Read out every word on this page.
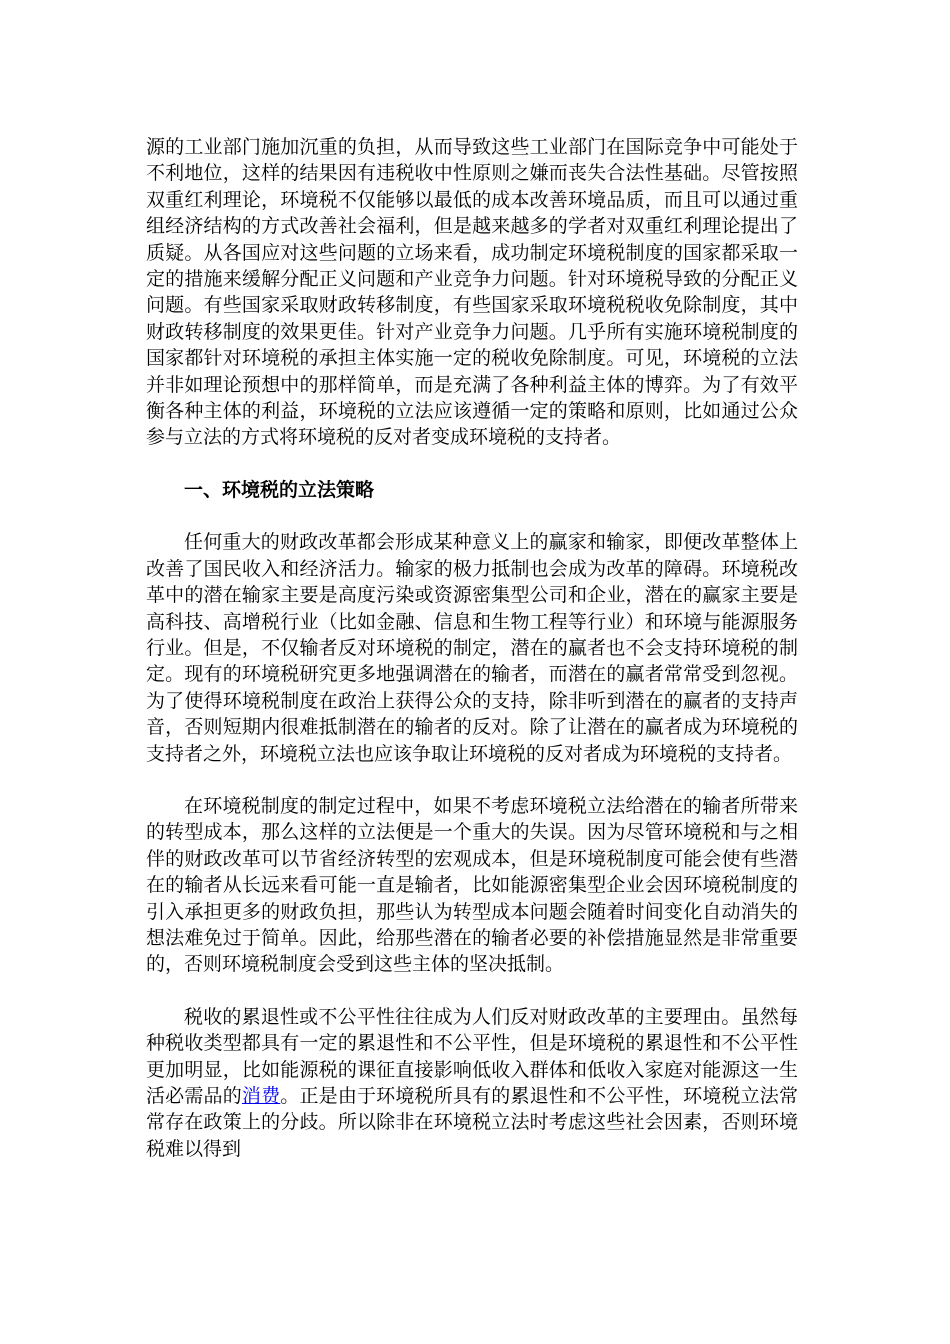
源的工业部门施加沉重的负担，从而导致这些工业部门在国际竞争中可能处于不利地位，这样的结果因有违税收中性原则之嫌而丧失合法性基础。尽管按照双重红利理论，环境税不仅能够以最低的成本改善环境品质，而且可以通过重组经济结构的方式改善社会福利，但是越来越多的学者对双重红利理论提出了质疑。从各国应对这些问题的立场来看，成功制定环境税制度的国家都采取一定的措施来缓解分配正义问题和产业竞争力问题。针对环境税导致的分配正义问题。有些国家采取财政转移制度，有些国家采取环境税税收免除制度，其中财政转移制度的效果更佳。针对产业竞争力问题。几乎所有实施环境税制度的国家都针对环境税的承担主体实施一定的税收免除制度。可见，环境税的立法并非如理论预想中的那样简单，而是充满了各种利益主体的博弈。为了有效平衡各种主体的利益，环境税的立法应该遵循一定的策略和原则，比如通过公众参与立法的方式将环境税的反对者变成环境税的支持者。

一、环境税的立法策略

任何重大的财政改革都会形成某种意义上的赢家和输家，即便改革整体上改善了国民收入和经济活力。输家的极力抵制也会成为改革的障碍。环境税改革中的潜在输家主要是高度污染或资源密集型公司和企业，潜在的赢家主要是高科技、高增税行业（比如金融、信息和生物工程等行业）和环境与能源服务行业。但是，不仅输者反对环境税的制定，潜在的赢者也不会支持环境税的制定。现有的环境税研究更多地强调潜在的输者，而潜在的赢者常常受到忽视。为了使得环境税制度在政治上获得公众的支持，除非听到潜在的赢者的支持声音，否则短期内很难抵制潜在的输者的反对。除了让潜在的赢者成为环境税的支持者之外，环境税立法也应该争取让环境税的反对者成为环境税的支持者。

在环境税制度的制定过程中，如果不考虑环境税立法给潜在的输者所带来的转型成本，那么这样的立法便是一个重大的失误。因为尽管环境税和与之相伴的财政改革可以节省经济转型的宏观成本，但是环境税制度可能会使有些潜在的输者从长远来看可能一直是输者，比如能源密集型企业会因环境税制度的引入承担更多的财政负担，那些认为转型成本问题会随着时间变化自动消失的想法难免过于简单。因此，给那些潜在的输者必要的补偿措施显然是非常重要的，否则环境税制度会受到这些主体的坚决抵制。

税收的累退性或不公平性往往成为人们反对财政改革的主要理由。虽然每种税收类型都具有一定的累退性和不公平性，但是环境税的累退性和不公平性更加明显，比如能源税的课征直接影响低收入群体和低收入家庭对能源这一生活必需品的消费。正是由于环境税所具有的累退性和不公平性，环境税立法常常存在政策上的分歧。所以除非在环境税立法时考虑这些社会因素，否则环境税难以得到
